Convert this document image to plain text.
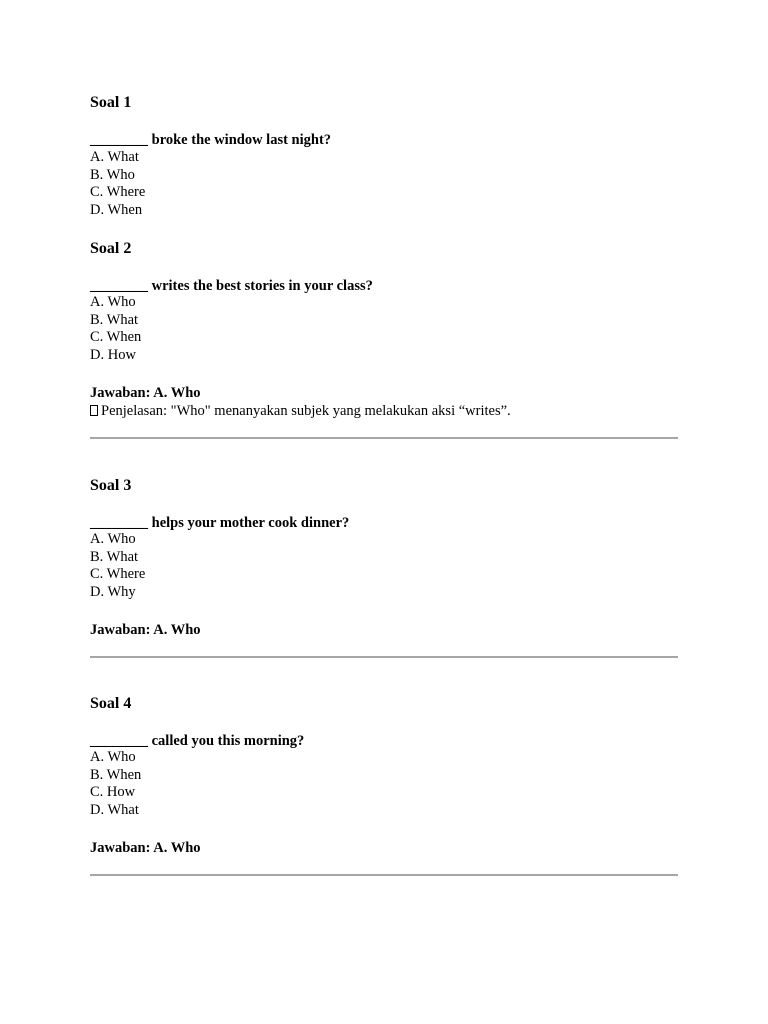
Soal 1

________ broke the window last night?

A. What
B. Who
C. Where
D. When
Soal 2

________ writes the best stories in your class?

A. Who
B. What
C. When
D. How

Jawaban: A. Who

Penjelasan: "Who" menanyakan subjek yang melakukan aksi “writes”.

Soal 3

________ helps your mother cook dinner?

A. Who
B. What
C. Where
D. Why

Jawaban: A. Who

Soal 4

________ called you this morning?

A. Who
B. When
C. How
D. What

Jawaban: A. Who
